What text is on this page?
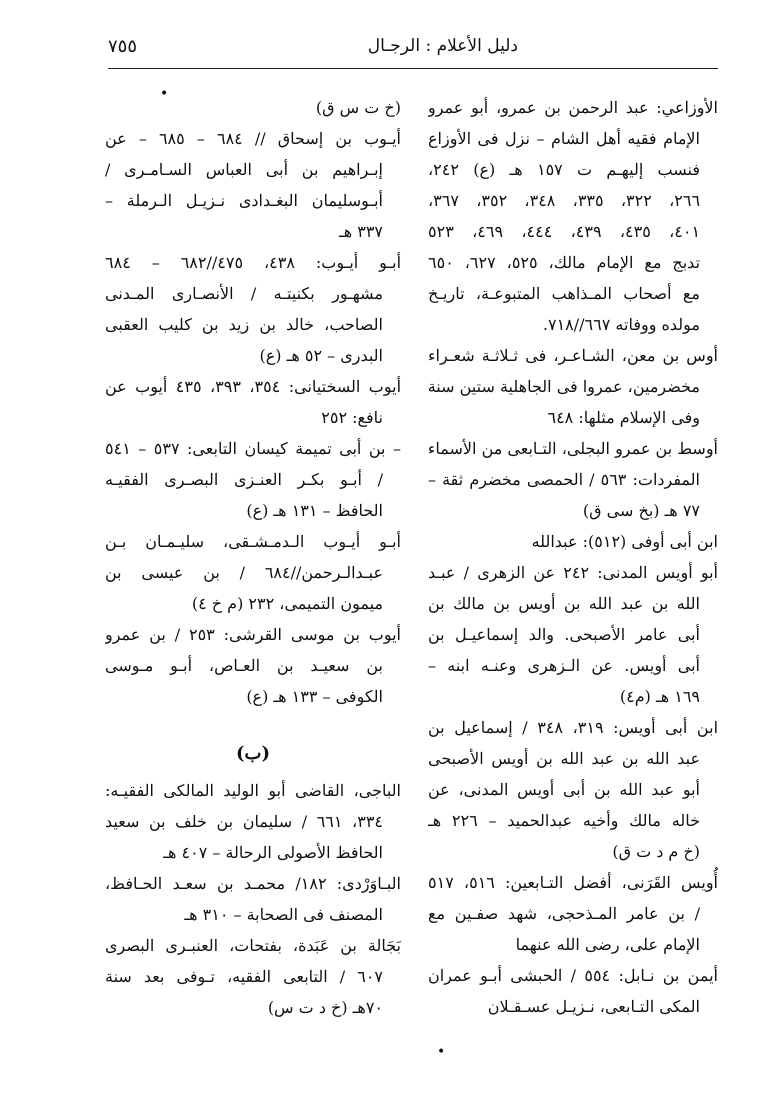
٧٥٥	دليل الأعلام : الرجـال
•
الأوزاعي: عبد الرحمن بن عمرو، أبو عمرو
الإمام فقيه أهل الشام – نزل فى الأوزاع
فنسب إليهـم ت ١٥٧ هـ (ع) ٢٤٢،
٢٦٦، ٣٢٢، ٣٣٥، ٣٤٨، ٣٥٢، ٣٦٧،
٤٠١، ٤٣٥، ٤٣٩، ٤٤٤، ٤٦٩، ٥٢٣
تدبج مع الإمام مالك، ٥٢٥، ٦٢٧، ٦٥٠
مع أصحاب المـذاهب المتبوعـة، تاريـخ
مولده ووفاته ٦٦٧//٧١٨.
أوس بن معن، الشـاعـر، فى ثـلاثـة شعـراء
مخضرمين، عمروا فى الجاهلية ستين سنة
وفى الإسلام مثلها: ٦٤٨
أوسط بن عمرو البجلى، التـابعى من الأسماء
المفردات: ٥٦٣ / الحمصى مخضرم ثقة –
٧٧ هـ (بخ سى ق)
ابن أبى أوفى (٥١٢): عبدالله
أبو أويس المدنى: ٢٤٢ عن الزهرى / عبـد
الله بن عبد الله بن أويس بن مالك بن
أبى عامر الأصبحى. والد إسماعيـل بن
أبى أويس. عن الـزهرى وعنـه ابنه –
١٦٩ هـ (م٤)
ابن أبى أويس: ٣١٩، ٣٤٨ / إسماعيل بن
عبد الله بن عبد الله بن أويس الأصبحى
أبو عبد الله بن أبى أويس المدنى، عن
خاله مالك وأخيه عبدالحميد – ٢٢٦ هـ
(خ م د ت ق)
أُويس القَرَنى، أفضل التـابعين: ٥١٦، ٥١٧
/ بن عامر المـذحجى، شهد صفـين مع
الإمام على، رضى الله عنهما
أيمن بن نـابل: ٥٥٤ / الحبشى أبـو عمران
المكى التـابعى، نـزيـل عسـقـلان
(خ ت س ق)
أيـوب بن إسحاق // ٦٨٤ – ٦٨٥ – عن
إبـراهيم بن أبى العباس السـامـرى /
أبـوسليمان البغـدادى نـزيـل الـرملة –
٣٣٧ هـ
أبـو أيـوب: ٤٣٨، ٤٧٥//٦٨٢ – ٦٨٤
مشهـور بكنيتـه / الأنصـارى المـدنى
الصاحب، خالد بن زيد بن كليب العقبى
البدرى – ٥٢ هـ (ع)
أيوب السختيانى: ٣٥٤، ٣٩٣، ٤٣٥ أيوب عن
نافع: ٢٥٢
– بن أبى تميمة كيسان التابعى: ٥٣٧ – ٥٤١
/ أبـو بكـر العنـزى البصـرى الفقيـه
الحافظ – ١٣١ هـ (ع)
أبـو أيـوب الـدمـشـقى، سليـمـان بـن
عبـدالـرحمن//٦٨٤ / بن عيسى بن
ميمون التميمى، ٢٣٢ (م خ ٤)
أيوب بن موسى القرشى: ٢٥٣ / بن عمرو
بن سعيـد بن العـاص، أبـو مـوسى
الكوفى – ١٣٣ هـ (ع)
(ب)
الباجى، القاضى أبو الوليد المالكى الفقيـه:
٣٣٤، ٦٦١ / سليمان بن خلف بن سعيد
الحافظ الأصولى الرحالة – ٤٠٧ هـ
البـاوَرْدى: ١٨٢/ محمـد بن سعـد الحـافظ،
المصنف فى الصحابة – ٣١٠ هـ
بَجَالة بن عَبَدة، بفتحات، العنبـرى البصرى
٦٠٧ / التابعى الفقيه، تـوفى بعد سنة
٧٠هـ (خ د ت س)
•
